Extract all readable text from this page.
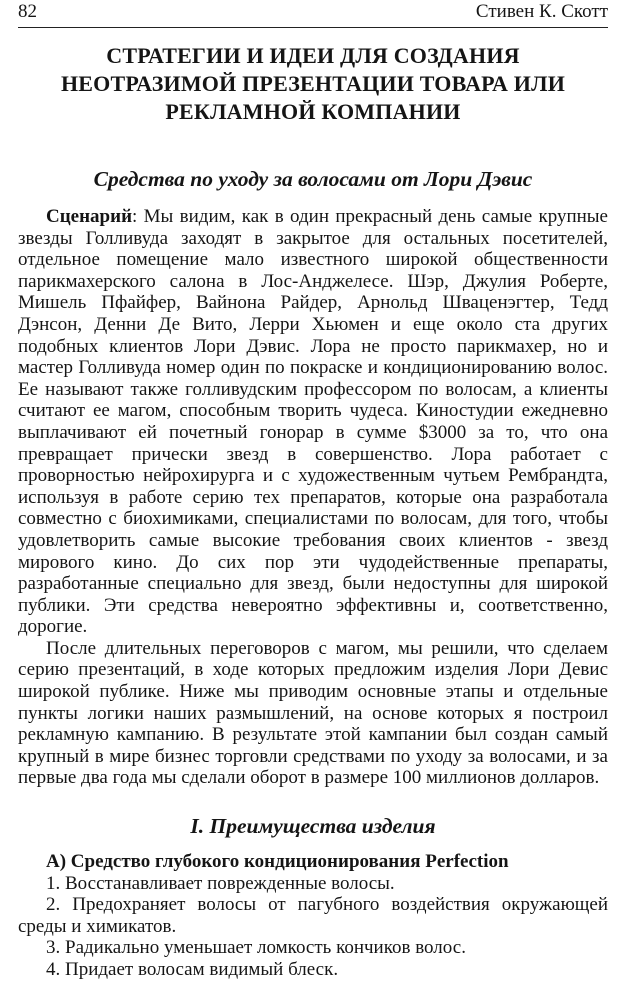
82	Стивен К. Скотт
СТРАТЕГИИ И ИДЕИ ДЛЯ СОЗДАНИЯ
НЕОТРАЗИМОЙ ПРЕЗЕНТАЦИИ ТОВАРА ИЛИ
РЕКЛАМНОЙ КОМПАНИИ
Средства по уходу за волосами от Лори Дэвис

Сценарий: Мы видим, как в один прекрасный день самые крупные звезды Голливуда заходят в закрытое для остальных посетителей, отдельное помещение мало известного широкой общественности парикмахерского салона в Лос-Анджелесе. Шэр, Джулия Роберте, Мишель Пфайфер, Вайнона Райдер, Арнольд Шваценэгтер, Тедд Дэнсон, Денни Де Вито, Лерри Хьюмен и еще около ста других подобных клиентов Лори Дэвис. Лора не просто парикмахер, но и мастер Голливуда номер один по покраске и кондиционированию волос. Ее называют также голливудским профессором по волосам, а клиенты считают ее магом, способным творить чудеса. Киностудии ежедневно выплачивают ей почетный гонорар в сумме $3000 за то, что она превращает прически звезд в совершенство. Лора работает с проворностью нейрохирурга и с художественным чутьем Рембрандта, используя в работе серию тех препаратов, которые она разработала совместно с биохимиками, специалистами по волосам, для того, чтобы удовлетворить самые высокие требования своих клиентов - звезд мирового кино. До сих пор эти чудодейственные препараты, разработанные специально для звезд, были недоступны для широкой публики. Эти средства невероятно эффективны и, соответственно, дорогие.

После длительных переговоров с магом, мы решили, что сделаем серию презентаций, в ходе которых предложим изделия Лори Девис широкой публике. Ниже мы приводим основные этапы и отдельные пункты логики наших размышлений, на основе которых я построил рекламную кампанию. В результате этой кампании был создан самый крупный в мире бизнес торговли средствами по уходу за волосами, и за первые два года мы сделали оборот в размере 100 миллионов долларов.

I. Преимущества изделия
А) Средство глубокого кондиционирования Perfection
1. Восстанавливает поврежденные волосы.
2. Предохраняет волосы от пагубного воздействия окружающей среды и химикатов.
3. Радикально уменьшает ломкость кончиков волос.
4. Придает волосам видимый блеск.
